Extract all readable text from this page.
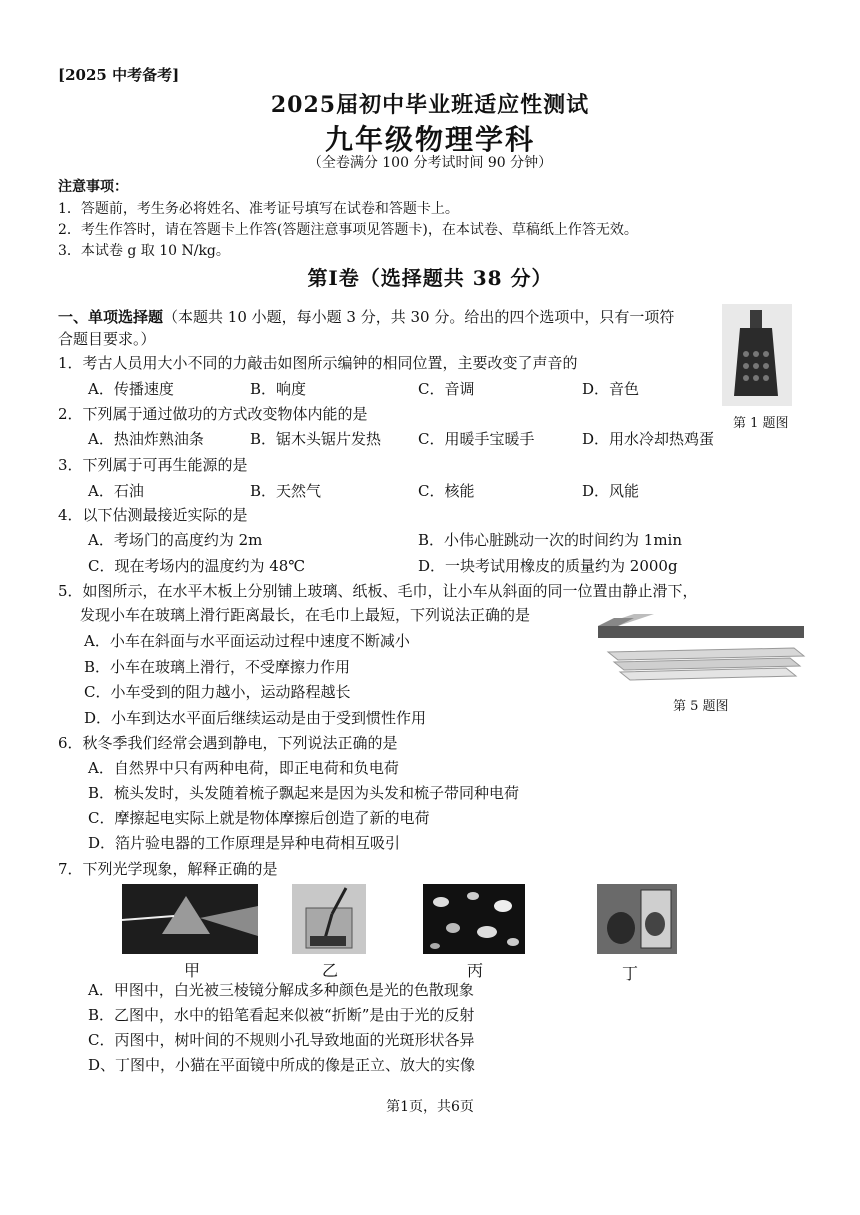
[2025 中考备考]
2025届初中毕业班适应性测试
九年级物理学科
（全卷满分 100 分考试时间 90 分钟）
注意事项：
1．答题前，考生务必将姓名、准考证号填写在试卷和答题卡上。
2．考生作答时，请在答题卡上作答(答题注意事项见答题卡)，在本试卷、草稿纸上作答无效。
3．本试卷 g 取 10 N/kg。
第Ⅰ卷（选择题共 38 分）
一、单项选择题（本题共 10 小题，每小题 3 分，共 30 分。给出的四个选项中，只有一项符
合题目要求。）
第 1 题图
1．考古人员用大小不同的力敲击如图所示编钟的相同位置，主要改变了声音的
A．传播速度	B．响度	C．音调	D．音色
2．下列属于通过做功的方式改变物体内能的是
A．热油炸熟油条	B．锯木头锯片发热 C．用暖手宝暖手	D．用水冷却热鸡蛋
3．下列属于可再生能源的是
A．石油	B．天然气	C．核能	D．风能
4．以下估测最接近实际的是
A．考场门的高度约为 2m	B．小伟心脏跳动一次的时间约为 1min
C．现在考场内的温度约为 48℃	D．一块考试用橡皮的质量约为 2000g
5．如图所示，在水平木板上分别铺上玻璃、纸板、毛巾，让小车从斜面的同一位置由静止滑下，
发现小车在玻璃上滑行距离最长，在毛巾上最短，下列说法正确的是
A．小车在斜面与水平面运动过程中速度不断减小
B．小车在玻璃上滑行，不受摩擦力作用
C．小车受到的阻力越小，运动路程越长
D．小车到达水平面后继续运动是由于受到惯性作用
第 5 题图
6．秋冬季我们经常会遇到静电，下列说法正确的是
A．自然界中只有两种电荷，即正电荷和负电荷
B．梳头发时，头发随着梳子飘起来是因为头发和梳子带同种电荷
C．摩擦起电实际上就是物体摩擦后创造了新的电荷
D．箔片验电器的工作原理是异种电荷相互吸引
7．下列光学现象，解释正确的是
甲	乙	丙	丁
A．甲图中，白光被三棱镜分解成多种颜色是光的色散现象
B．乙图中，水中的铅笔看起来似被“折断”是由于光的反射
C．丙图中，树叶间的不规则小孔导致地面的光斑形状各异
D、丁图中，小猫在平面镜中所成的像是正立、放大的实像
第1页，共6页
